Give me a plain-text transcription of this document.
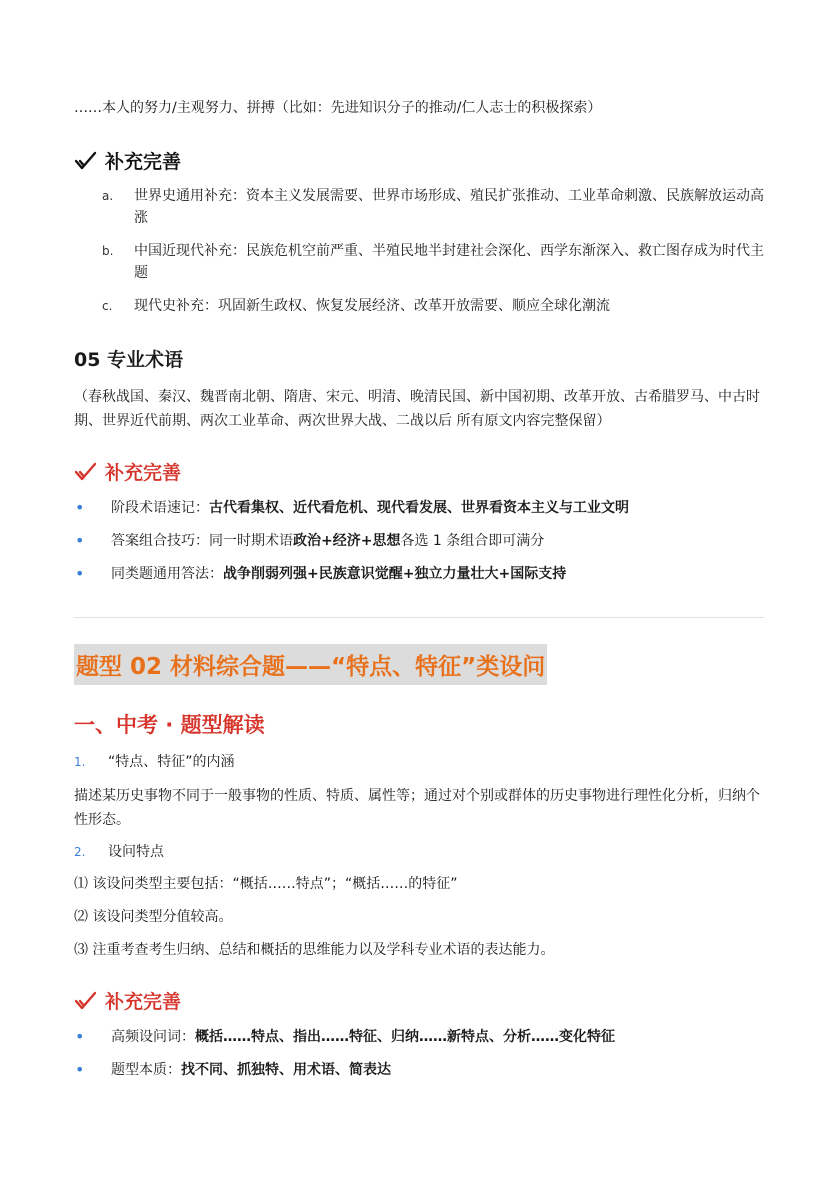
……本人的努力/主观努力、拼搏（比如：先进知识分子的推动/仁人志士的积极探索）
补充完善
a.	世界史通用补充：资本主义发展需要、世界市场形成、殖民扩张推动、工业革命刺激、民族解放运动高涨
b.	中国近现代补充：民族危机空前严重、半殖民地半封建社会深化、西学东渐深入、救亡图存成为时代主题
c.	现代史补充：巩固新生政权、恢复发展经济、改革开放需要、顺应全球化潮流
05 专业术语
（春秋战国、秦汉、魏晋南北朝、隋唐、宋元、明清、晚清民国、新中国初期、改革开放、古希腊罗马、中古时期、世界近代前期、两次工业革命、两次世界大战、二战以后 所有原文内容完整保留）
补充完善
•	阶段术语速记：古代看集权、近代看危机、现代看发展、世界看资本主义与工业文明
•	答案组合技巧：同一时期术语政治+经济+思想各选 1 条组合即可满分
•	同类题通用答法：战争削弱列强+民族意识觉醒+独立力量壮大+国际支持
题型 02 材料综合题——“特点、特征”类设问
一、中考 · 题型解读
1.	“特点、特征”的内涵
描述某历史事物不同于一般事物的性质、特质、属性等；通过对个别或群体的历史事物进行理性化分析，归纳个性形态。
2.	设问特点
⑴ 该设问类型主要包括：“概括……特点”；“概括……的特征”
⑵ 该设问类型分值较高。
⑶ 注重考查考生归纳、总结和概括的思维能力以及学科专业术语的表达能力。
补充完善
•	高频设问词：概括……特点、指出……特征、归纳……新特点、分析……变化特征
•	题型本质：找不同、抓独特、用术语、简表达
